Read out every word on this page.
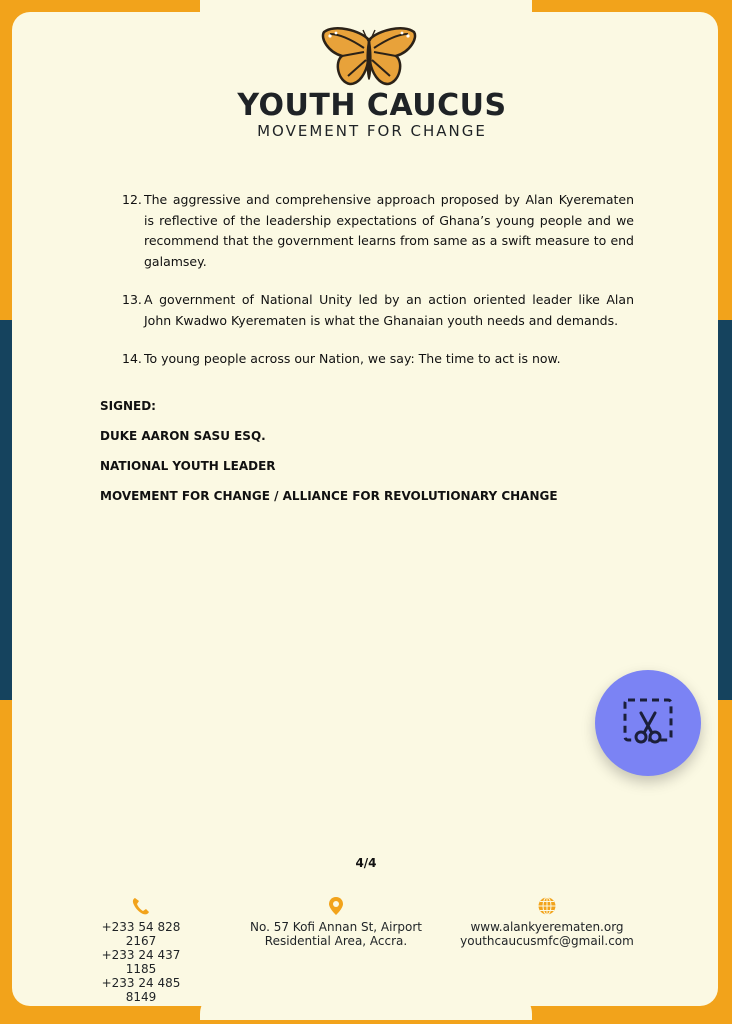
YOUTH CAUCUS
MOVEMENT FOR CHANGE
12. The aggressive and comprehensive approach proposed by Alan Kyerematen is reflective of the leadership expectations of Ghana’s young people and we recommend that the government learns from same as a swift measure to end galamsey.
13. A government of National Unity led by an action oriented leader like Alan John Kwadwo Kyerematen is what the Ghanaian youth needs and demands.
14. To young people across our Nation, we say: The time to act is now.
SIGNED:
DUKE AARON SASU ESQ.
NATIONAL YOUTH LEADER
MOVEMENT FOR CHANGE / ALLIANCE FOR REVOLUTIONARY CHANGE
4/4
+233 54 828 2167
+233 24 437 1185
+233 24 485 8149
No. 57 Kofi Annan St, Airport
Residential Area, Accra.
www.alankyerematen.org
youthcaucusmfc@gmail.com
